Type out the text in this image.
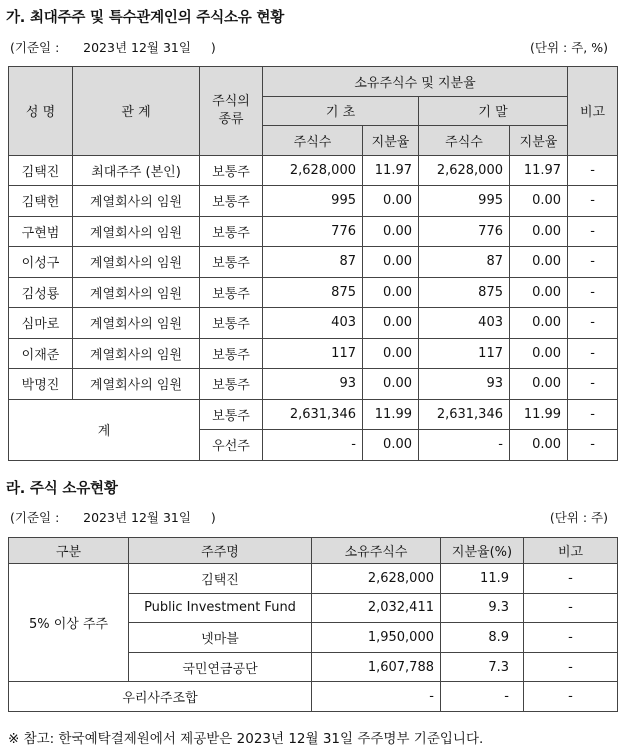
가. 최대주주 및 특수관계인의 주식소유 현황
(기준일 : 2023년 12월 31일 )	(단위 : 주, %)
성 명	관 계	주식의 종류	소유주식수 및 지분율				비고
			기 초		기 말		
			주식수	지분율	주식수	지분율	
김택진	최대주주 (본인)	보통주	2,628,000	11.97	2,628,000	11.97	-
김택헌	계열회사의 임원	보통주	995	0.00	995	0.00	-
구현범	계열회사의 임원	보통주	776	0.00	776	0.00	-
이성구	계열회사의 임원	보통주	87	0.00	87	0.00	-
김성룡	계열회사의 임원	보통주	875	0.00	875	0.00	-
심마로	계열회사의 임원	보통주	403	0.00	403	0.00	-
이재준	계열회사의 임원	보통주	117	0.00	117	0.00	-
박명진	계열회사의 임원	보통주	93	0.00	93	0.00	-
계		보통주	2,631,346	11.99	2,631,346	11.99	-
		우선주	-	0.00	-	0.00	-
라. 주식 소유현황
(기준일 : 2023년 12월 31일 )	(단위 : 주)
구분	주주명	소유주식수	지분율(%)	비고
5% 이상 주주	김택진	2,628,000	11.9	-
	Public Investment Fund	2,032,411	9.3	-
	넷마블	1,950,000	8.9	-
	국민연금공단	1,607,788	7.3	-
우리사주조합		-	-	-
※ 참고: 한국예탁결제원에서 제공받은 2023년 12월 31일 주주명부 기준입니다.
